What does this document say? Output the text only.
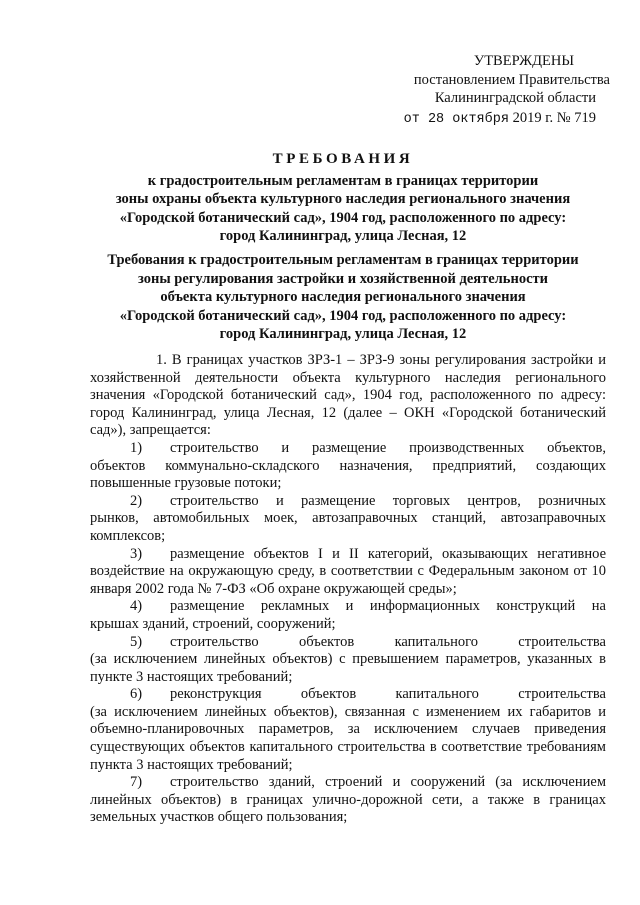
УТВЕРЖДЕНЫ
постановлением Правительства
Калининградской области
от 28 октября 2019 г. № 719
ТРЕБОВАНИЯ
к градостроительным регламентам в границах территории
зоны охраны объекта культурного наследия регионального значения
«Городской ботанический сад», 1904 год, расположенного по адресу:
город Калининград, улица Лесная, 12
Требования к градостроительным регламентам в границах территории
зоны регулирования застройки и хозяйственной деятельности
объекта культурного наследия регионального значения
«Городской ботанический сад», 1904 год, расположенного по адресу:
город Калининград, улица Лесная, 12

1. В границах участков ЗРЗ-1 – ЗРЗ-9 зоны регулирования застройки и хозяйственной деятельности объекта культурного наследия регионального значения «Городской ботанический сад», 1904 год, расположенного по адресу: город Калининград, улица Лесная, 12 (далее – ОКН «Городской ботанический сад»), запрещается:

1)	строительство и размещение производственных объектов,
объектов коммунально-складского назначения, предприятий, создающих повышенные грузовые потоки;
2)	строительство и размещение торговых центров, розничных
рынков, автомобильных моек, автозаправочных станций, автозаправочных комплексов;
3)	размещение объектов I и II категорий, оказывающих негативное
воздействие на окружающую среду, в соответствии с Федеральным законом от 10 января 2002 года № 7-ФЗ «Об охране окружающей среды»;
4)	размещение рекламных и информационных конструкций на
крышах зданий, строений, сооружений;
5)	строительство объектов капитального строительства
(за исключением линейных объектов) с превышением параметров, указанных в пункте 3 настоящих требований;
6)	реконструкция объектов капитального строительства
(за исключением линейных объектов), связанная с изменением их габаритов и объемно-планировочных параметров, за исключением случаев приведения существующих объектов капитального строительства в соответствие требованиям пункта 3 настоящих требований;
7)	строительство зданий, строений и сооружений (за исключением
линейных объектов) в границах улично-дорожной сети, а также в границах земельных участков общего пользования;
